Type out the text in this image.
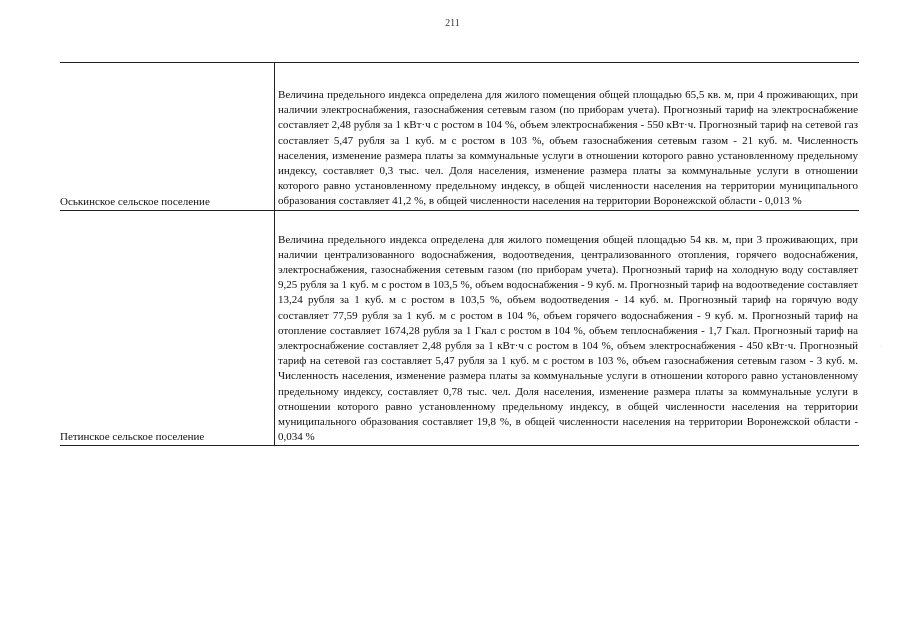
211
Оськинское сельское поселение	Величина предельного индекса определена для жилого помещения общей площадью 65,5 кв. м, при 4 проживающих, при наличии электроснабжения, газоснабжения сетевым газом (по приборам учета). Прогнозный тариф на электроснабжение составляет 2,48 рубля за 1 кВт·ч с ростом в 104 %, объем электроснабжения - 550 кВт·ч. Прогнозный тариф на сетевой газ составляет 5,47 рубля за 1 куб. м с ростом в 103 %, объем газоснабжения сетевым газом - 21 куб. м. Численность населения, изменение размера платы за коммунальные услуги в отношении которого равно установленному предельному индексу, составляет 0,3 тыс. чел. Доля населения, изменение размера платы за коммунальные услуги в отношении которого равно установленному предельному индексу, в общей численности населения на территории муниципального образования составляет 41,2 %, в общей численности населения на территории Воронежской области - 0,013 %
Петинское сельское поселение	Величина предельного индекса определена для жилого помещения общей площадью 54 кв. м, при 3 проживающих, при наличии централизованного водоснабжения, водоотведения, централизованного отопления, горячего водоснабжения, электроснабжения, газоснабжения сетевым газом (по приборам учета). Прогнозный тариф на холодную воду составляет 9,25 рубля за 1 куб. м с ростом в 103,5 %, объем водоснабжения - 9 куб. м. Прогнозный тариф на водоотведение составляет 13,24 рубля за 1 куб. м с ростом в 103,5 %, объем водоотведения - 14 куб. м. Прогнозный тариф на горячую воду составляет 77,59 рубля за 1 куб. м с ростом в 104 %, объем горячего водоснабжения - 9 куб. м. Прогнозный тариф на отопление составляет 1674,28 рубля за 1 Гкал с ростом в 104 %, объем теплоснабжения - 1,7 Гкал. Прогнозный тариф на электроснабжение составляет 2,48 рубля за 1 кВт·ч с ростом в 104 %, объем электроснабжения - 450 кВт·ч. Прогнозный тариф на сетевой газ составляет 5,47 рубля за 1 куб. м с ростом в 103 %, объем газоснабжения сетевым газом - 3 куб. м. Численность населения, изменение размера платы за коммунальные услуги в отношении которого равно установленному предельному индексу, составляет 0,78 тыс. чел. Доля населения, изменение размера платы за коммунальные услуги в отношении которого равно установленному предельному индексу, в общей численности населения на территории муниципального образования составляет 19,8 %, в общей численности населения на территории Воронежской области - 0,034 %
·
